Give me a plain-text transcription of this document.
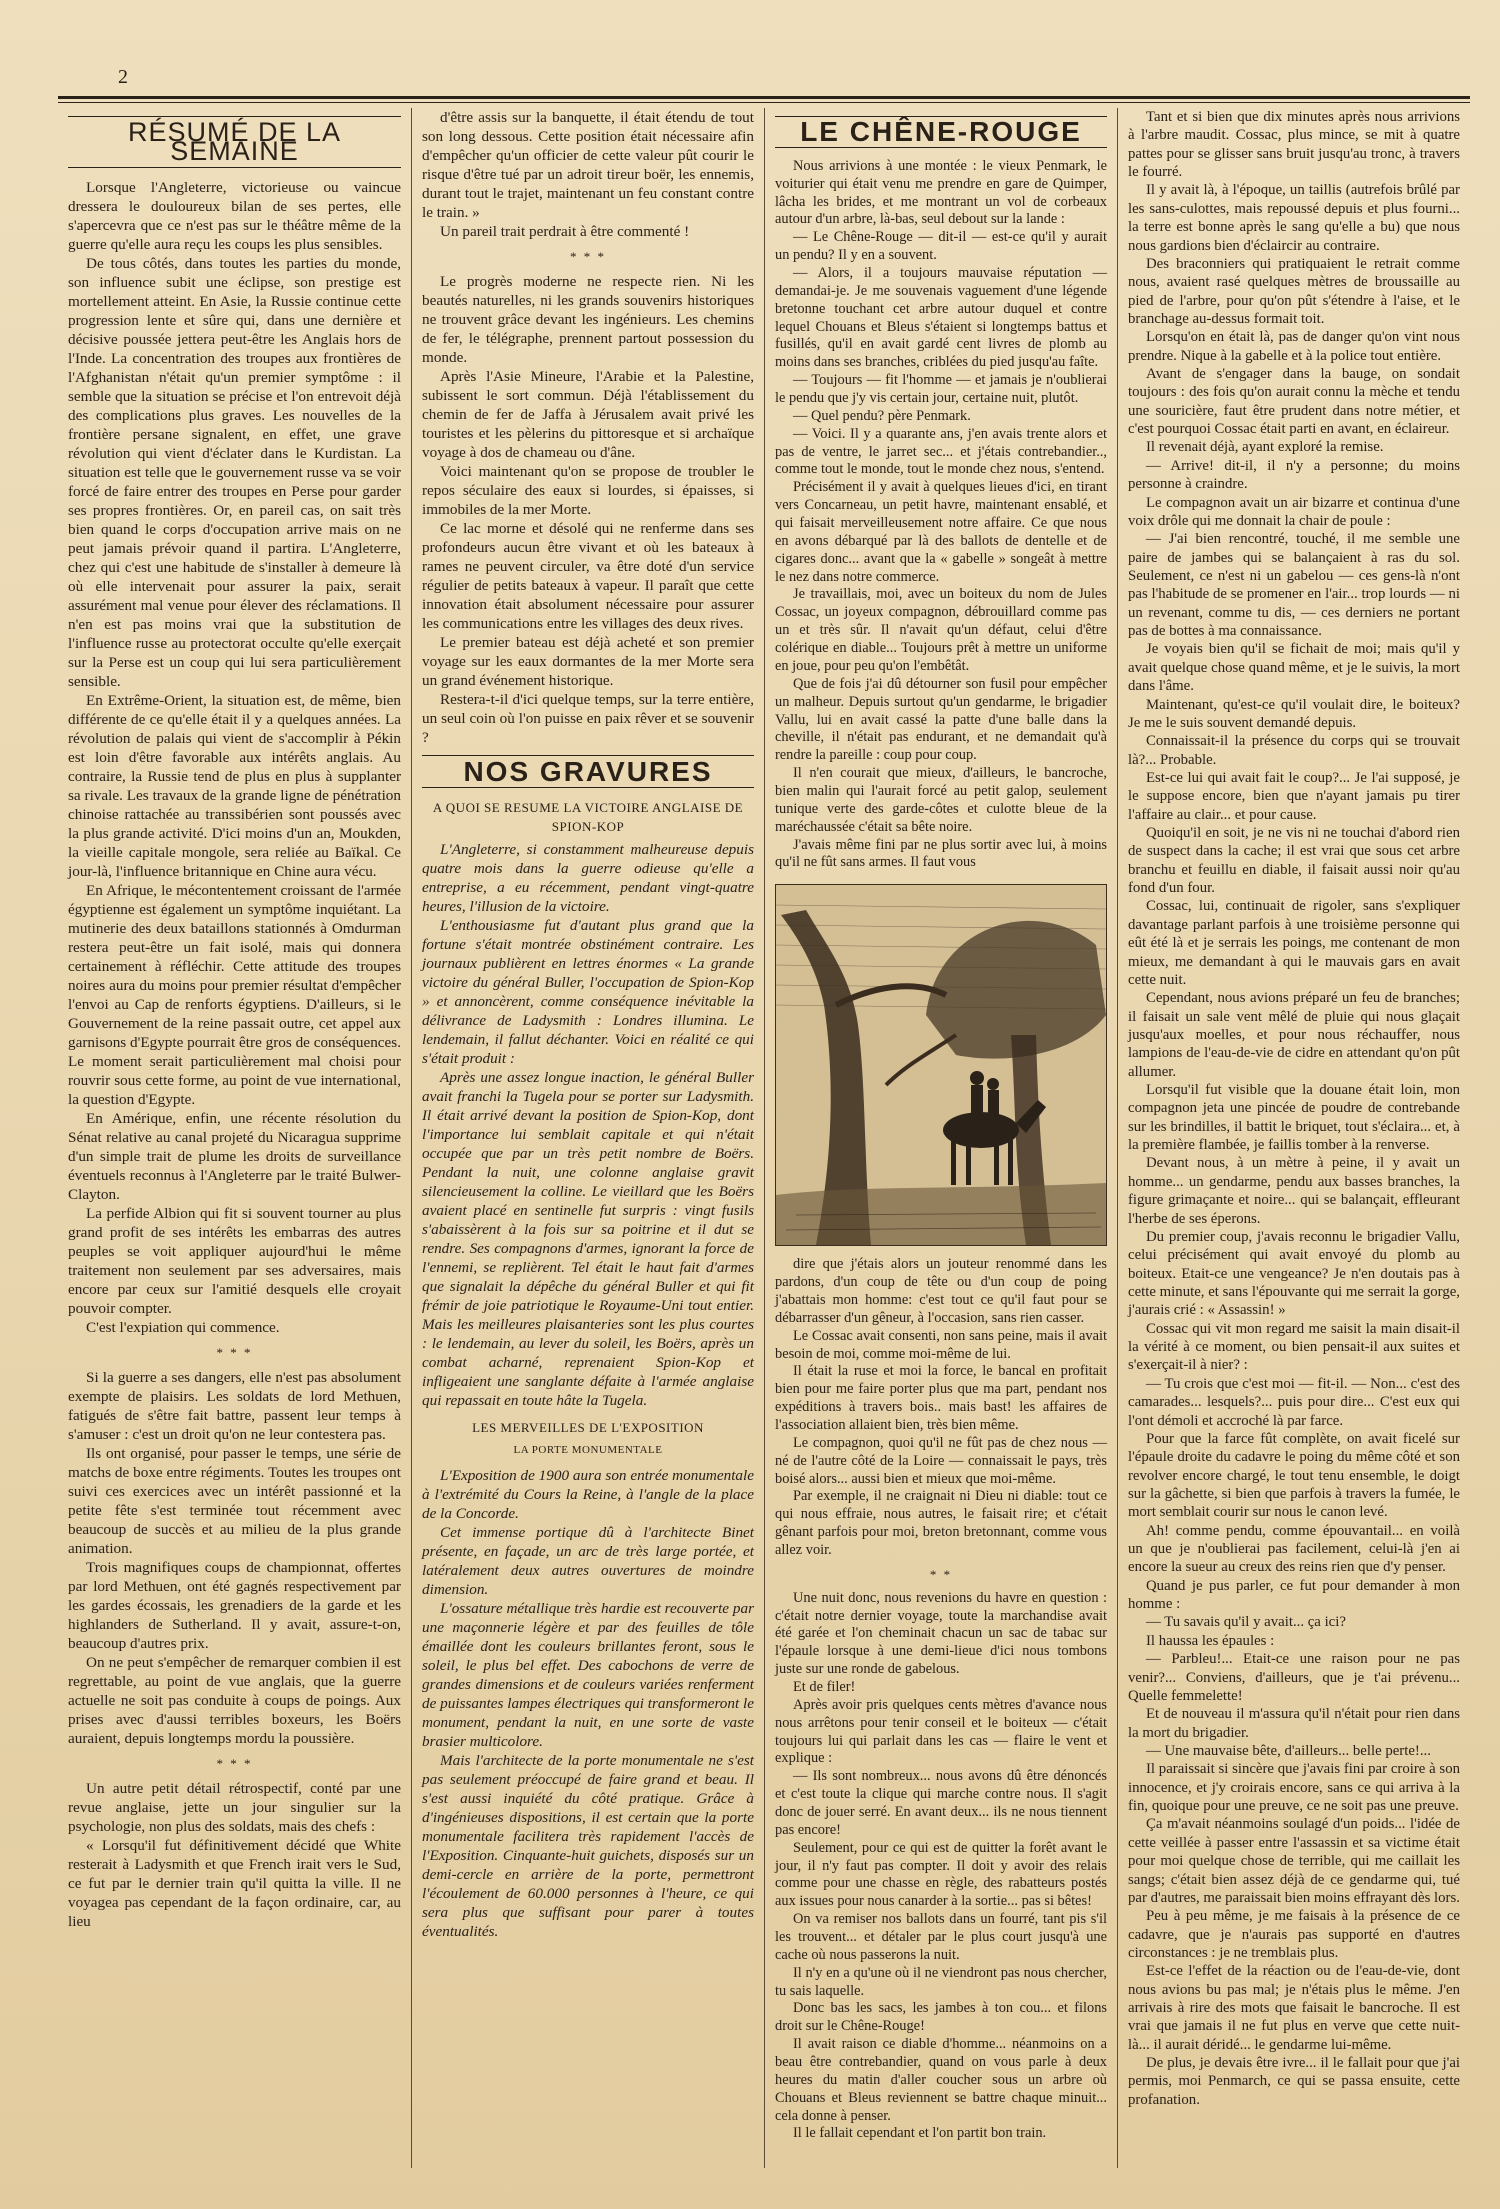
2
RÉSUMÉ DE LA SEMAINE

Lorsque l'Angleterre, victorieuse ou vaincue dressera le douloureux bilan de ses pertes, elle s'apercevra que ce n'est pas sur le théâtre même de la guerre qu'elle aura reçu les coups les plus sensibles.

De tous côtés, dans toutes les parties du monde, son influence subit une éclipse, son prestige est mortellement atteint. En Asie, la Russie continue cette progression lente et sûre qui, dans une dernière et décisive poussée jettera peut-être les Anglais hors de l'Inde. La concentration des troupes aux frontières de l'Afghanistan n'était qu'un premier symptôme : il semble que la situation se précise et l'on entrevoit déjà des complications plus graves. Les nouvelles de la frontière persane signalent, en effet, une grave révolution qui vient d'éclater dans le Kurdistan. La situation est telle que le gouvernement russe va se voir forcé de faire entrer des troupes en Perse pour garder ses propres frontières. Or, en pareil cas, on sait très bien quand le corps d'occupation arrive mais on ne peut jamais prévoir quand il partira. L'Angleterre, chez qui c'est une habitude de s'installer à demeure là où elle intervenait pour assurer la paix, serait assurément mal venue pour élever des réclamations. Il n'en est pas moins vrai que la substitution de l'influence russe au protectorat occulte qu'elle exerçait sur la Perse est un coup qui lui sera particulièrement sensible.

En Extrême-Orient, la situation est, de même, bien différente de ce qu'elle était il y a quelques années. La révolution de palais qui vient de s'accomplir à Pékin est loin d'être favorable aux intérêts anglais. Au contraire, la Russie tend de plus en plus à supplanter sa rivale. Les travaux de la grande ligne de pénétration chinoise rattachée au transsibérien sont poussés avec la plus grande activité. D'ici moins d'un an, Moukden, la vieille capitale mongole, sera reliée au Baïkal. Ce jour-là, l'influence britannique en Chine aura vécu.

En Afrique, le mécontentement croissant de l'armée égyptienne est également un symptôme inquiétant. La mutinerie des deux bataillons stationnés à Omdurman restera peut-être un fait isolé, mais qui donnera certainement à réfléchir. Cette attitude des troupes noires aura du moins pour premier résultat d'empêcher l'envoi au Cap de renforts égyptiens. D'ailleurs, si le Gouvernement de la reine passait outre, cet appel aux garnisons d'Egypte pourrait être gros de conséquences. Le moment serait particulièrement mal choisi pour rouvrir sous cette forme, au point de vue international, la question d'Egypte.

En Amérique, enfin, une récente résolution du Sénat relative au canal projeté du Nicaragua supprime d'un simple trait de plume les droits de surveillance éventuels reconnus à l'Angleterre par le traité Bulwer-Clayton.

La perfide Albion qui fit si souvent tourner au plus grand profit de ses intérêts les embarras des autres peuples se voit appliquer aujourd'hui le même traitement non seulement par ses adversaires, mais encore par ceux sur l'amitié desquels elle croyait pouvoir compter.

C'est l'expiation qui commence.

* * *

Si la guerre a ses dangers, elle n'est pas absolument exempte de plaisirs. Les soldats de lord Methuen, fatigués de s'être fait battre, passent leur temps à s'amuser : c'est un droit qu'on ne leur contestera pas.

Ils ont organisé, pour passer le temps, une série de matchs de boxe entre régiments. Toutes les troupes ont suivi ces exercices avec un intérêt passionné et la petite fête s'est terminée tout récemment avec beaucoup de succès et au milieu de la plus grande animation.

Trois magnifiques coups de championnat, offertes par lord Methuen, ont été gagnés respectivement par les gardes écossais, les grenadiers de la garde et les highlanders de Sutherland. Il y avait, assure-t-on, beaucoup d'autres prix.

On ne peut s'empêcher de remarquer combien il est regrettable, au point de vue anglais, que la guerre actuelle ne soit pas conduite à coups de poings. Aux prises avec d'aussi terribles boxeurs, les Boërs auraient, depuis longtemps mordu la poussière.

* * *

Un autre petit détail rétrospectif, conté par une revue anglaise, jette un jour singulier sur la psychologie, non plus des soldats, mais des chefs :

« Lorsqu'il fut définitivement décidé que White resterait à Ladysmith et que French irait vers le Sud, ce fut par le dernier train qu'il quitta la ville. Il ne voyagea pas cependant de la façon ordinaire, car, au lieu

d'être assis sur la banquette, il était étendu de tout son long dessous. Cette position était nécessaire afin d'empêcher qu'un officier de cette valeur pût courir le risque d'être tué par un adroit tireur boër, les ennemis, durant tout le trajet, maintenant un feu constant contre le train. »

Un pareil trait perdrait à être commenté !

* * *

Le progrès moderne ne respecte rien. Ni les beautés naturelles, ni les grands souvenirs historiques ne trouvent grâce devant les ingénieurs. Les chemins de fer, le télégraphe, prennent partout possession du monde.

Après l'Asie Mineure, l'Arabie et la Palestine, subissent le sort commun. Déjà l'établissement du chemin de fer de Jaffa à Jérusalem avait privé les touristes et les pèlerins du pittoresque et si archaïque voyage à dos de chameau ou d'âne.

Voici maintenant qu'on se propose de troubler le repos séculaire des eaux si lourdes, si épaisses, si immobiles de la mer Morte.

Ce lac morne et désolé qui ne renferme dans ses profondeurs aucun être vivant et où les bateaux à rames ne peuvent circuler, va être doté d'un service régulier de petits bateaux à vapeur. Il paraît que cette innovation était absolument nécessaire pour assurer les communications entre les villages des deux rives.

Le premier bateau est déjà acheté et son premier voyage sur les eaux dormantes de la mer Morte sera un grand événement historique.

Restera-t-il d'ici quelque temps, sur la terre entière, un seul coin où l'on puisse en paix rêver et se souvenir ?

NOS GRAVURES
A QUOI SE RESUME LA VICTOIRE ANGLAISE DE SPION-KOP

L'Angleterre, si constamment malheureuse depuis quatre mois dans la guerre odieuse qu'elle a entreprise, a eu récemment, pendant vingt-quatre heures, l'illusion de la victoire.

L'enthousiasme fut d'autant plus grand que la fortune s'était montrée obstinément contraire. Les journaux publièrent en lettres énormes « La grande victoire du général Buller, l'occupation de Spion-Kop » et annoncèrent, comme conséquence inévitable la délivrance de Ladysmith : Londres illumina. Le lendemain, il fallut déchanter. Voici en réalité ce qui s'était produit :

Après une assez longue inaction, le général Buller avait franchi la Tugela pour se porter sur Ladysmith. Il était arrivé devant la position de Spion-Kop, dont l'importance lui semblait capitale et qui n'était occupée que par un très petit nombre de Boërs. Pendant la nuit, une colonne anglaise gravit silencieusement la colline. Le vieillard que les Boërs avaient placé en sentinelle fut surpris : vingt fusils s'abaissèrent à la fois sur sa poitrine et il dut se rendre. Ses compagnons d'armes, ignorant la force de l'ennemi, se replièrent. Tel était le haut fait d'armes que signalait la dépêche du général Buller et qui fit frémir de joie patriotique le Royaume-Uni tout entier. Mais les meilleures plaisanteries sont les plus courtes : le lendemain, au lever du soleil, les Boërs, après un combat acharné, reprenaient Spion-Kop et infligeaient une sanglante défaite à l'armée anglaise qui repassait en toute hâte la Tugela.

LES MERVEILLES DE L'EXPOSITION
LA PORTE MONUMENTALE

L'Exposition de 1900 aura son entrée monumentale à l'extrémité du Cours la Reine, à l'angle de la place de la Concorde.

Cet immense portique dû à l'architecte Binet présente, en façade, un arc de très large portée, et latéralement deux autres ouvertures de moindre dimension.

L'ossature métallique très hardie est recouverte par une maçonnerie légère et par des feuilles de tôle émaillée dont les couleurs brillantes feront, sous le soleil, le plus bel effet. Des cabochons de verre de grandes dimensions et de couleurs variées renferment de puissantes lampes électriques qui transformeront le monument, pendant la nuit, en une sorte de vaste brasier multicolore.

Mais l'architecte de la porte monumentale ne s'est pas seulement préoccupé de faire grand et beau. Il s'est aussi inquiété du côté pratique. Grâce à d'ingénieuses dispositions, il est certain que la porte monumentale facilitera très rapidement l'accès de l'Exposition. Cinquante-huit guichets, disposés sur un demi-cercle en arrière de la porte, permettront l'écoulement de 60.000 personnes à l'heure, ce qui sera plus que suffisant pour parer à toutes éventualités.

LE CHÊNE-ROUGE

Nous arrivions à une montée : le vieux Penmark, le voiturier qui était venu me prendre en gare de Quimper, lâcha les brides, et me montrant un vol de corbeaux autour d'un arbre, là-bas, seul debout sur la lande :

— Le Chêne-Rouge — dit-il — est-ce qu'il y aurait un pendu? Il y en a souvent.

— Alors, il a toujours mauvaise réputation — demandai-je. Je me souvenais vaguement d'une légende bretonne touchant cet arbre autour duquel et contre lequel Chouans et Bleus s'étaient si longtemps battus et fusillés, qu'il en avait gardé cent livres de plomb au moins dans ses branches, criblées du pied jusqu'au faîte.

— Toujours — fit l'homme — et jamais je n'oublierai le pendu que j'y vis certain jour, certaine nuit, plutôt.

— Quel pendu? père Penmark.

— Voici. Il y a quarante ans, j'en avais trente alors et pas de ventre, le jarret sec... et j'étais contrebandier.., comme tout le monde, tout le monde chez nous, s'entend.

Précisément il y avait à quelques lieues d'ici, en tirant vers Concarneau, un petit havre, maintenant ensablé, et qui faisait merveilleusement notre affaire. Ce que nous en avons débarqué par là des ballots de dentelle et de cigares donc... avant que la « gabelle » songeât à mettre le nez dans notre commerce.

Je travaillais, moi, avec un boiteux du nom de Jules Cossac, un joyeux compagnon, débrouillard comme pas un et très sûr. Il n'avait qu'un défaut, celui d'être colérique en diable... Toujours prêt à mettre un uniforme en joue, pour peu qu'on l'embêtât.

Que de fois j'ai dû détourner son fusil pour empêcher un malheur. Depuis surtout qu'un gendarme, le brigadier Vallu, lui en avait cassé la patte d'une balle dans la cheville, il n'était pas endurant, et ne demandait qu'à rendre la pareille : coup pour coup.

Il n'en courait que mieux, d'ailleurs, le bancroche, bien malin qui l'aurait forcé au petit galop, seulement tunique verte des garde-côtes et culotte bleue de la maréchaussée c'était sa bête noire.

J'avais même fini par ne plus sortir avec lui, à moins qu'il ne fût sans armes. Il faut vous

dire que j'étais alors un jouteur renommé dans les pardons, d'un coup de tête ou d'un coup de poing j'abattais mon homme: c'est tout ce qu'il faut pour se débarrasser d'un gêneur, à l'occasion, sans rien casser.

Le Cossac avait consenti, non sans peine, mais il avait besoin de moi, comme moi-même de lui.

Il était la ruse et moi la force, le bancal en profitait bien pour me faire porter plus que ma part, pendant nos expéditions à travers bois.. mais bast! les affaires de l'association allaient bien, très bien même.

Le compagnon, quoi qu'il ne fût pas de chez nous — né de l'autre côté de la Loire — connaissait le pays, très boisé alors... aussi bien et mieux que moi-même.

Par exemple, il ne craignait ni Dieu ni diable: tout ce qui nous effraie, nous autres, le faisait rire; et c'était gênant parfois pour moi, breton bretonnant, comme vous allez voir.

* *

Une nuit donc, nous revenions du havre en question : c'était notre dernier voyage, toute la marchandise avait été garée et l'on cheminait chacun un sac de tabac sur l'épaule lorsque à une demi-lieue d'ici nous tombons juste sur une ronde de gabelous.

Et de filer!

Après avoir pris quelques cents mètres d'avance nous nous arrêtons pour tenir conseil et le boiteux — c'était toujours lui qui parlait dans les cas — flaire le vent et explique :

— Ils sont nombreux... nous avons dû être dénoncés et c'est toute la clique qui marche contre nous. Il s'agit donc de jouer serré. En avant deux... ils ne nous tiennent pas encore!

Seulement, pour ce qui est de quitter la forêt avant le jour, il n'y faut pas compter. Il doit y avoir des relais comme pour une chasse en règle, des rabatteurs postés aux issues pour nous canarder à la sortie... pas si bêtes!

On va remiser nos ballots dans un fourré, tant pis s'il les trouvent... et détaler par le plus court jusqu'à une cache où nous passerons la nuit.

Il n'y en a qu'une où il ne viendront pas nous chercher, tu sais laquelle.

Donc bas les sacs, les jambes à ton cou... et filons droit sur le Chêne-Rouge!

Il avait raison ce diable d'homme... néanmoins on a beau être contrebandier, quand on vous parle à deux heures du matin d'aller coucher sous un arbre où Chouans et Bleus reviennent se battre chaque minuit... cela donne à penser.

Il le fallait cependant et l'on partit bon train.

Tant et si bien que dix minutes après nous arrivions à l'arbre maudit. Cossac, plus mince, se mit à quatre pattes pour se glisser sans bruit jusqu'au tronc, à travers le fourré.

Il y avait là, à l'époque, un taillis (autrefois brûlé par les sans-culottes, mais repoussé depuis et plus fourni... la terre est bonne après le sang qu'elle a bu) que nous nous gardions bien d'éclaircir au contraire.

Des braconniers qui pratiquaient le retrait comme nous, avaient rasé quelques mètres de broussaille au pied de l'arbre, pour qu'on pût s'étendre à l'aise, et le branchage au-dessus formait toit.

Lorsqu'on en était là, pas de danger qu'on vint nous prendre. Nique à la gabelle et à la police tout entière.

Avant de s'engager dans la bauge, on sondait toujours : des fois qu'on aurait connu la mèche et tendu une souricière, faut être prudent dans notre métier, et c'est pourquoi Cossac était parti en avant, en éclaireur.

Il revenait déjà, ayant exploré la remise.

— Arrive! dit-il, il n'y a personne; du moins personne à craindre.

Le compagnon avait un air bizarre et continua d'une voix drôle qui me donnait la chair de poule :

— J'ai bien rencontré, touché, il me semble une paire de jambes qui se balançaient à ras du sol. Seulement, ce n'est ni un gabelou — ces gens-là n'ont pas l'habitude de se promener en l'air... trop lourds — ni un revenant, comme tu dis, — ces derniers ne portant pas de bottes à ma connaissance.

Je voyais bien qu'il se fichait de moi; mais qu'il y avait quelque chose quand même, et je le suivis, la mort dans l'âme.

Maintenant, qu'est-ce qu'il voulait dire, le boiteux? Je me le suis souvent demandé depuis.

Connaissait-il la présence du corps qui se trouvait là?... Probable.

Est-ce lui qui avait fait le coup?... Je l'ai supposé, je le suppose encore, bien que n'ayant jamais pu tirer l'affaire au clair... et pour cause.

Quoiqu'il en soit, je ne vis ni ne touchai d'abord rien de suspect dans la cache; il est vrai que sous cet arbre branchu et feuillu en diable, il faisait aussi noir qu'au fond d'un four.

Cossac, lui, continuait de rigoler, sans s'expliquer davantage parlant parfois à une troisième personne qui eût été là et je serrais les poings, me contenant de mon mieux, me demandant à qui le mauvais gars en avait cette nuit.

Cependant, nous avions préparé un feu de branches; il faisait un sale vent mêlé de pluie qui nous glaçait jusqu'aux moelles, et pour nous réchauffer, nous lampions de l'eau-de-vie de cidre en attendant qu'on pût allumer.

Lorsqu'il fut visible que la douane était loin, mon compagnon jeta une pincée de poudre de contrebande sur les brindilles, il battit le briquet, tout s'éclaira... et, à la première flambée, je faillis tomber à la renverse.

Devant nous, à un mètre à peine, il y avait un homme... un gendarme, pendu aux basses branches, la figure grimaçante et noire... qui se balançait, effleurant l'herbe de ses éperons.

Du premier coup, j'avais reconnu le brigadier Vallu, celui précisément qui avait envoyé du plomb au boiteux. Etait-ce une vengeance? Je n'en doutais pas à cette minute, et sans l'épouvante qui me serrait la gorge, j'aurais crié : « Assassin! »

Cossac qui vit mon regard me saisit la main disait-il la vérité à ce moment, ou bien pensait-il aux suites et s'exerçait-il à nier? :

— Tu crois que c'est moi — fit-il. — Non... c'est des camarades... lesquels?... puis pour dire... C'est eux qui l'ont démoli et accroché là par farce.

Pour que la farce fût complète, on avait ficelé sur l'épaule droite du cadavre le poing du même côté et son revolver encore chargé, le tout tenu ensemble, le doigt sur la gâchette, si bien que parfois à travers la fumée, le mort semblait courir sur nous le canon levé.

Ah! comme pendu, comme épouvantail... en voilà un que je n'oublierai pas facilement, celui-là j'en ai encore la sueur au creux des reins rien que d'y penser.

Quand je pus parler, ce fut pour demander à mon homme :

— Tu savais qu'il y avait... ça ici?

Il haussa les épaules :

— Parbleu!... Etait-ce une raison pour ne pas venir?... Conviens, d'ailleurs, que je t'ai prévenu... Quelle femmelette!

Et de nouveau il m'assura qu'il n'était pour rien dans la mort du brigadier.

— Une mauvaise bête, d'ailleurs... belle perte!...

Il paraissait si sincère que j'avais fini par croire à son innocence, et j'y croirais encore, sans ce qui arriva à la fin, quoique pour une preuve, ce ne soit pas une preuve.

Ça m'avait néanmoins soulagé d'un poids... l'idée de cette veillée à passer entre l'assassin et sa victime était pour moi quelque chose de terrible, qui me caillait les sangs; c'était bien assez déjà de ce gendarme qui, tué par d'autres, me paraissait bien moins effrayant dès lors.

Peu à peu même, je me faisais à la présence de ce cadavre, que je n'aurais pas supporté en d'autres circonstances : je ne tremblais plus.

Est-ce l'effet de la réaction ou de l'eau-de-vie, dont nous avions bu pas mal; je n'étais plus le même. J'en arrivais à rire des mots que faisait le bancroche. Il est vrai que jamais il ne fut plus en verve que cette nuit-là... il aurait déridé... le gendarme lui-même.

De plus, je devais être ivre... il le fallait pour que j'ai permis, moi Penmarch, ce qui se passa ensuite, cette profanation.
